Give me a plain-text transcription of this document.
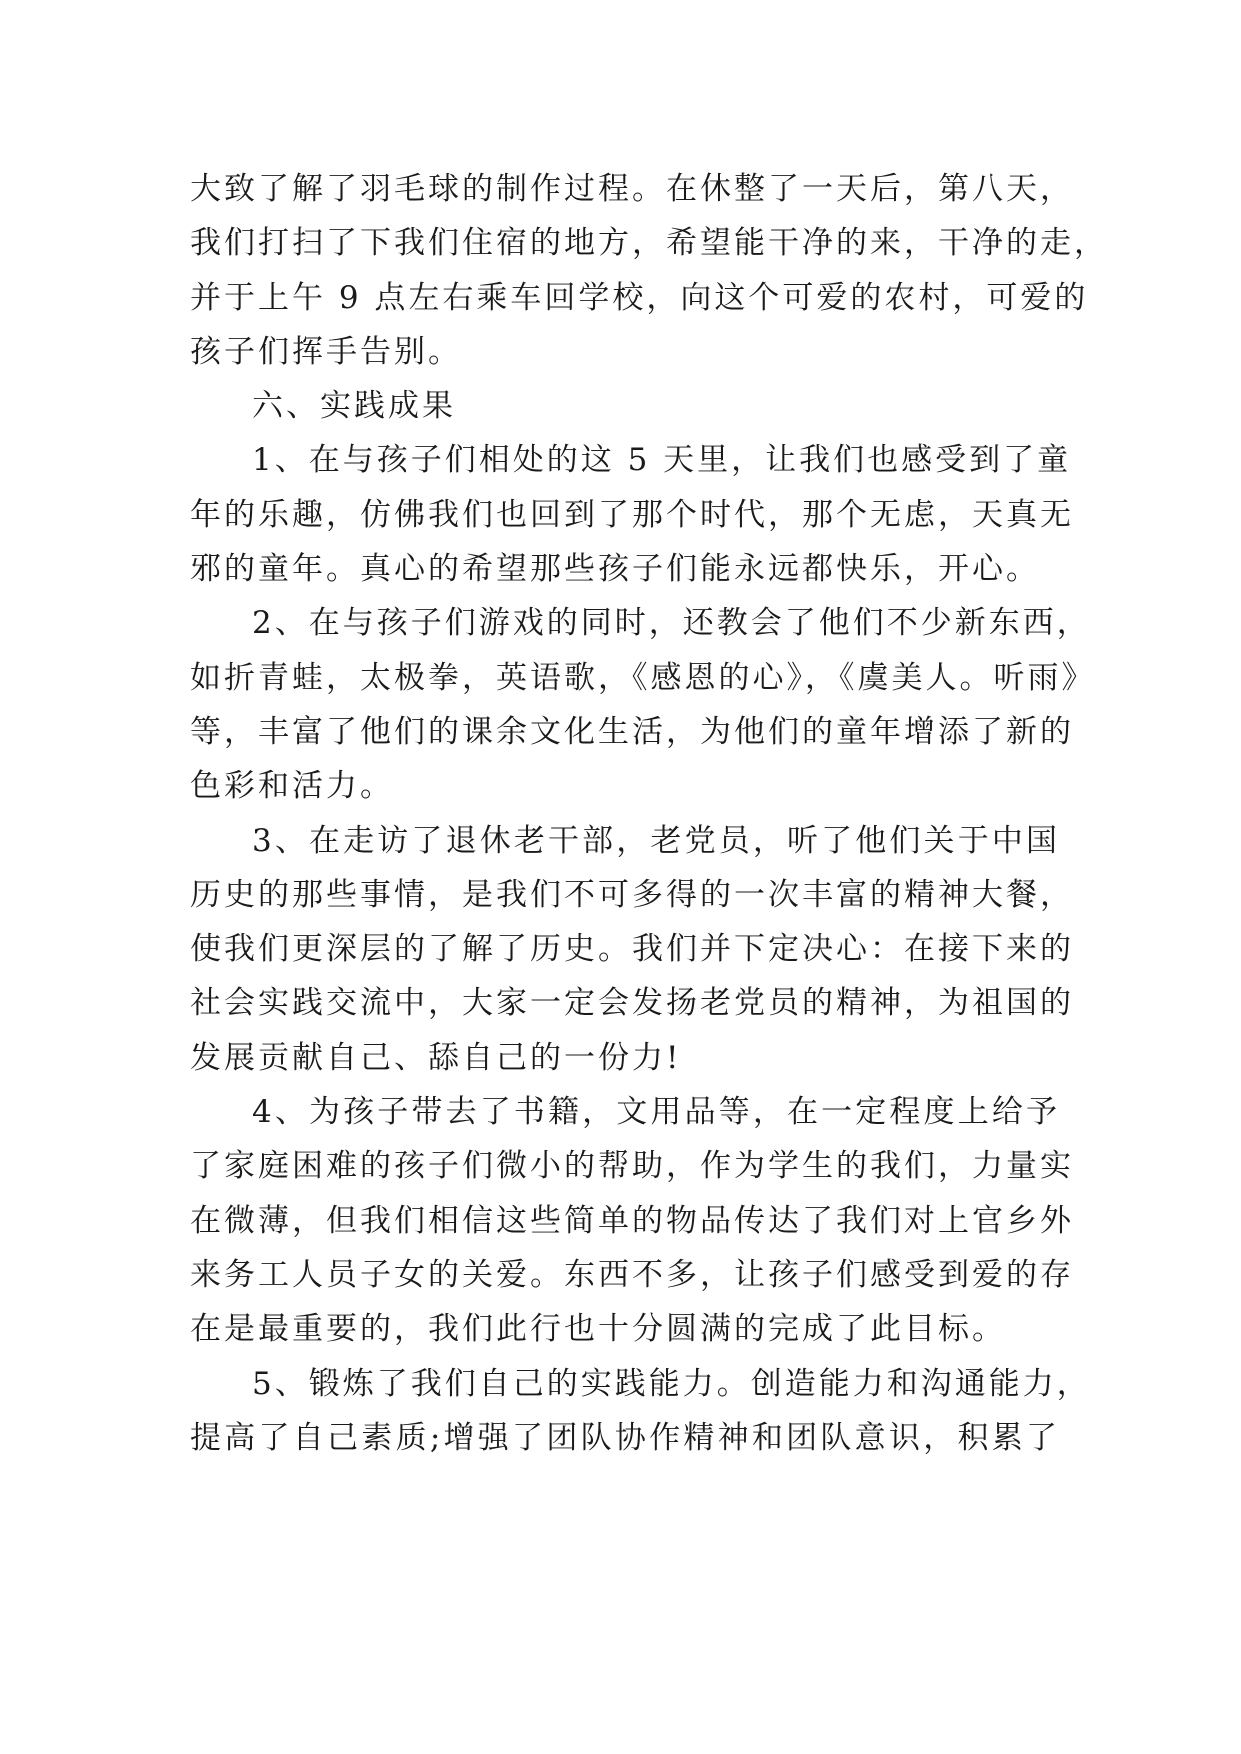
大致了解了羽毛球的制作过程。在休整了一天后，第八天，
我们打扫了下我们住宿的地方，希望能干净的来，干净的走，
并于上午 9 点左右乘车回学校，向这个可爱的农村，可爱的
孩子们挥手告别。

六、实践成果

1、在与孩子们相处的这 5 天里，让我们也感受到了童
年的乐趣，仿佛我们也回到了那个时代，那个无虑，天真无
邪的童年。真心的希望那些孩子们能永远都快乐，开心。

2、在与孩子们游戏的同时，还教会了他们不少新东西，
如折青蛙，太极拳，英语歌，《感恩的心》，《虞美人。听雨》
等，丰富了他们的课余文化生活，为他们的童年增添了新的
色彩和活力。

3、在走访了退休老干部，老党员，听了他们关于中国
历史的那些事情，是我们不可多得的一次丰富的精神大餐，
使我们更深层的了解了历史。我们并下定决心：在接下来的
社会实践交流中，大家一定会发扬老党员的精神，为祖国的
发展贡献自己、舔自己的一份力!

4、为孩子带去了书籍，文用品等，在一定程度上给予
了家庭困难的孩子们微小的帮助，作为学生的我们，力量实
在微薄，但我们相信这些简单的物品传达了我们对上官乡外
来务工人员子女的关爱。东西不多，让孩子们感受到爱的存
在是最重要的，我们此行也十分圆满的完成了此目标。

5、锻炼了我们自己的实践能力。创造能力和沟通能力，
提高了自己素质;增强了团队协作精神和团队意识，积累了
